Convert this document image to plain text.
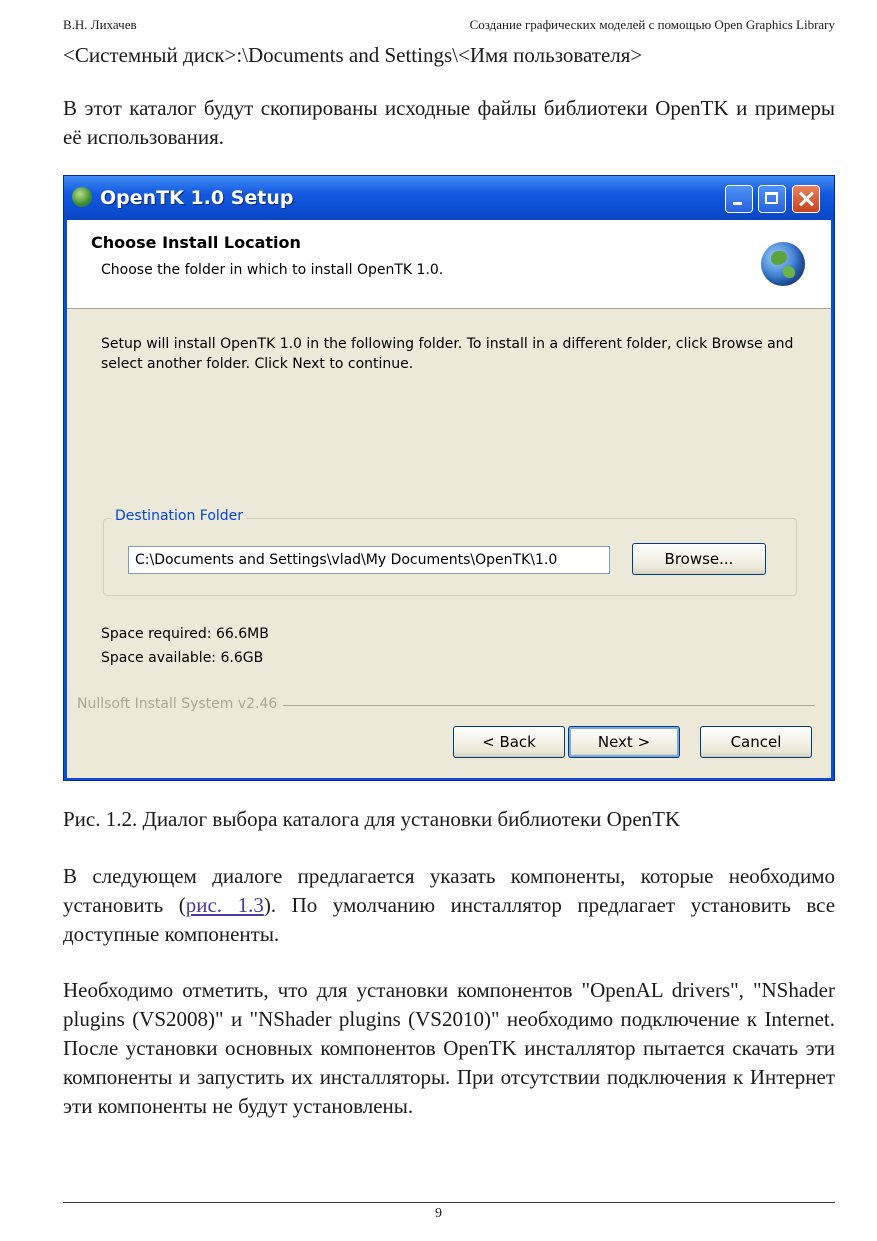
В.Н. Лихачев	Создание графических моделей с помощью Open Graphics Library
<Системный диск>:\Documents and Settings\<Имя пользователя>
В этот каталог будут скопированы исходные файлы библиотеки OpenTK и примеры её использования.
OpenTK 1.0 Setup
Choose Install Location
Choose the folder in which to install OpenTK 1.0.
Setup will install OpenTK 1.0 in the following folder. To install in a different folder, click Browse and select another folder. Click Next to continue.
Destination Folder
C:\Documents and Settings\vlad\My Documents\OpenTK\1.0	Browse...
Space required: 66.6MB
Space available: 6.6GB
Nullsoft Install System v2.46
< Back	Next >	Cancel
Рис. 1.2. Диалог выбора каталога для установки библиотеки OpenTK
В следующем диалоге предлагается указать компоненты, которые необходимо установить (рис. 1.3). По умолчанию инсталлятор предлагает установить все доступные компоненты.
Необходимо отметить, что для установки компонентов "OpenAL drivers", "NShader plugins (VS2008)" и "NShader plugins (VS2010)" необходимо подключение к Internet. После установки основных компонентов OpenTK инсталлятор пытается скачать эти компоненты и запустить их инсталляторы. При отсутствии подключения к Интернет эти компоненты не будут установлены.
9
